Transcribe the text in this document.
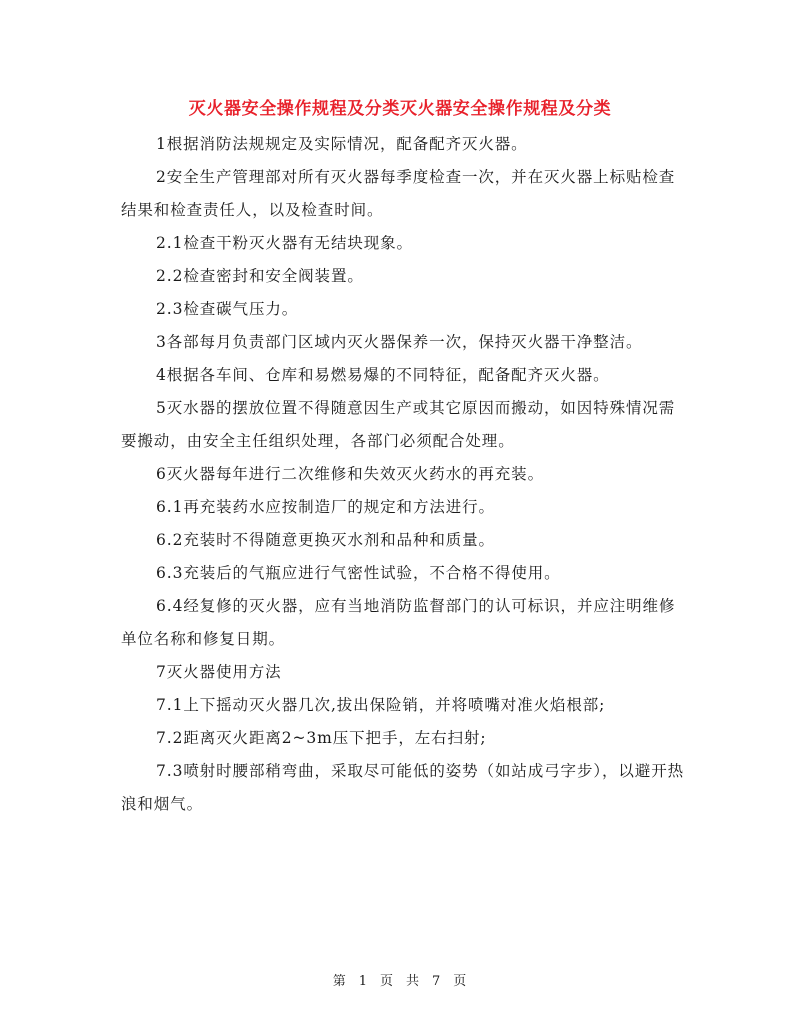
灭火器安全操作规程及分类灭火器安全操作规程及分类

1根据消防法规规定及实际情况，配备配齐灭火器。

2安全生产管理部对所有灭火器每季度检查一次，并在灭火器上标贴检查结果和检查责任人，以及检查时间。

2.1检查干粉灭火器有无结块现象。

2.2检查密封和安全阀装置。

2.3检查碳气压力。

3各部每月负责部门区域内灭火器保养一次，保持灭火器干净整洁。

4根据各车间、仓库和易燃易爆的不同特征，配备配齐灭火器。

5灭水器的摆放位置不得随意因生产或其它原因而搬动，如因特殊情况需要搬动，由安全主任组织处理，各部门必须配合处理。

6灭火器每年进行二次维修和失效灭火药水的再充装。

6.1再充装药水应按制造厂的规定和方法进行。

6.2充装时不得随意更换灭水剂和品种和质量。

6.3充装后的气瓶应进行气密性试验，不合格不得使用。

6.4经复修的灭火器，应有当地消防监督部门的认可标识，并应注明维修单位名称和修复日期。

7灭火器使用方法

7.1上下摇动灭火器几次,拔出保险销，并将喷嘴对准火焰根部;

7.2距离灭火距离2~3m压下把手，左右扫射;

7.3喷射时腰部稍弯曲，采取尽可能低的姿势（如站成弓字步），以避开热浪和烟气。

第 1 页 共 7 页
